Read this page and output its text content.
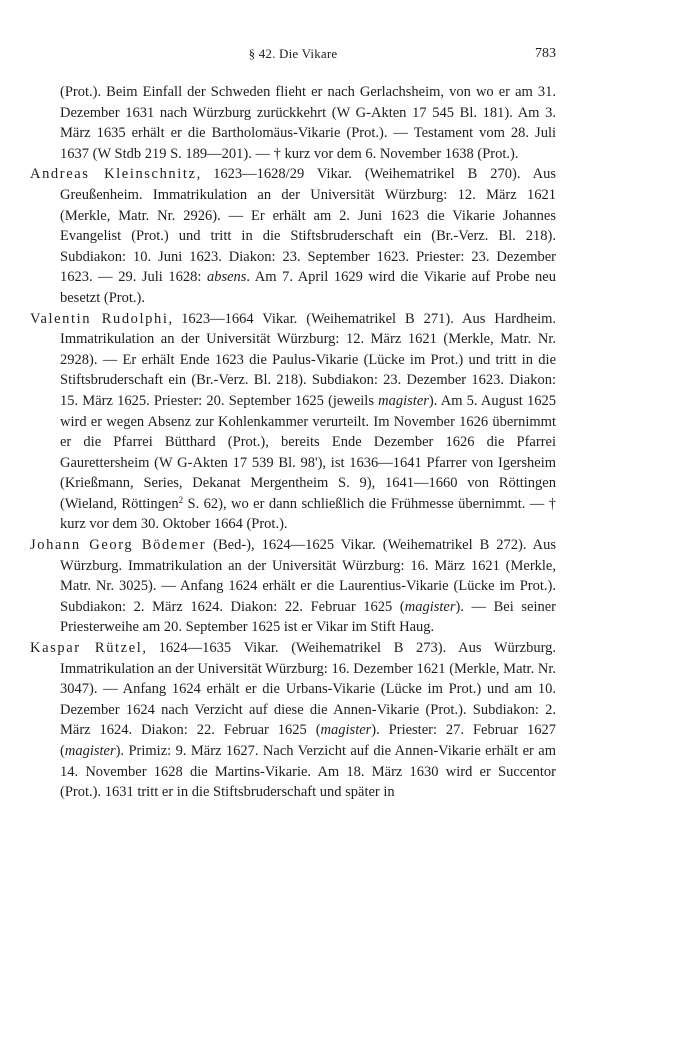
§ 42. Die Vikare	783

(Prot.). Beim Einfall der Schweden flieht er nach Gerlachsheim, von wo er am 31. Dezember 1631 nach Würzburg zurückkehrt (W G-Akten 17 545 Bl. 181). Am 3. März 1635 erhält er die Bartholomäus-Vikarie (Prot.). — Testament vom 28. Juli 1637 (W Stdb 219 S. 189—201). — † kurz vor dem 6. November 1638 (Prot.).

Andreas Kleinschnitz, 1623—1628/29 Vikar. (Weihematrikel B 270). Aus Greußenheim. Immatrikulation an der Universität Würzburg: 12. März 1621 (Merkle, Matr. Nr. 2926). — Er erhält am 2. Juni 1623 die Vikarie Johannes Evangelist (Prot.) und tritt in die Stiftsbruderschaft ein (Br.-Verz. Bl. 218). Subdiakon: 10. Juni 1623. Diakon: 23. September 1623. Priester: 23. Dezember 1623. — 29. Juli 1628: absens. Am 7. April 1629 wird die Vikarie auf Probe neu besetzt (Prot.).

Valentin Rudolphi, 1623—1664 Vikar. (Weihematrikel B 271). Aus Hardheim. Immatrikulation an der Universität Würzburg: 12. März 1621 (Merkle, Matr. Nr. 2928). — Er erhält Ende 1623 die Paulus-Vikarie (Lücke im Prot.) und tritt in die Stiftsbruderschaft ein (Br.-Verz. Bl. 218). Subdiakon: 23. Dezember 1623. Diakon: 15. März 1625. Priester: 20. September 1625 (jeweils magister). Am 5. August 1625 wird er wegen Absenz zur Kohlenkammer verurteilt. Im November 1626 übernimmt er die Pfarrei Bütthard (Prot.), bereits Ende Dezember 1626 die Pfarrei Gaurettersheim (W G-Akten 17 539 Bl. 98'), ist 1636—1641 Pfarrer von Igersheim (Krießmann, Series, Dekanat Mergentheim S. 9), 1641—1660 von Röttingen (Wieland, Röttingen$^2$ S. 62), wo er dann schließlich die Frühmesse übernimmt. — † kurz vor dem 30. Oktober 1664 (Prot.).

Johann Georg Bödemer (Bed-), 1624—1625 Vikar. (Weihematrikel B 272). Aus Würzburg. Immatrikulation an der Universität Würzburg: 16. März 1621 (Merkle, Matr. Nr. 3025). — Anfang 1624 erhält er die Laurentius-Vikarie (Lücke im Prot.). Subdiakon: 2. März 1624. Diakon: 22. Februar 1625 (magister). — Bei seiner Priesterweihe am 20. September 1625 ist er Vikar im Stift Haug.

Kaspar Rützel, 1624—1635 Vikar. (Weihematrikel B 273). Aus Würzburg. Immatrikulation an der Universität Würzburg: 16. Dezember 1621 (Merkle, Matr. Nr. 3047). — Anfang 1624 erhält er die Urbans-Vikarie (Lücke im Prot.) und am 10. Dezember 1624 nach Verzicht auf diese die Annen-Vikarie (Prot.). Subdiakon: 2. März 1624. Diakon: 22. Februar 1625 (magister). Priester: 27. Februar 1627 (magister). Primiz: 9. März 1627. Nach Verzicht auf die Annen-Vikarie erhält er am 14. November 1628 die Martins-Vikarie. Am 18. März 1630 wird er Succentor (Prot.). 1631 tritt er in die Stiftsbruderschaft und später in
